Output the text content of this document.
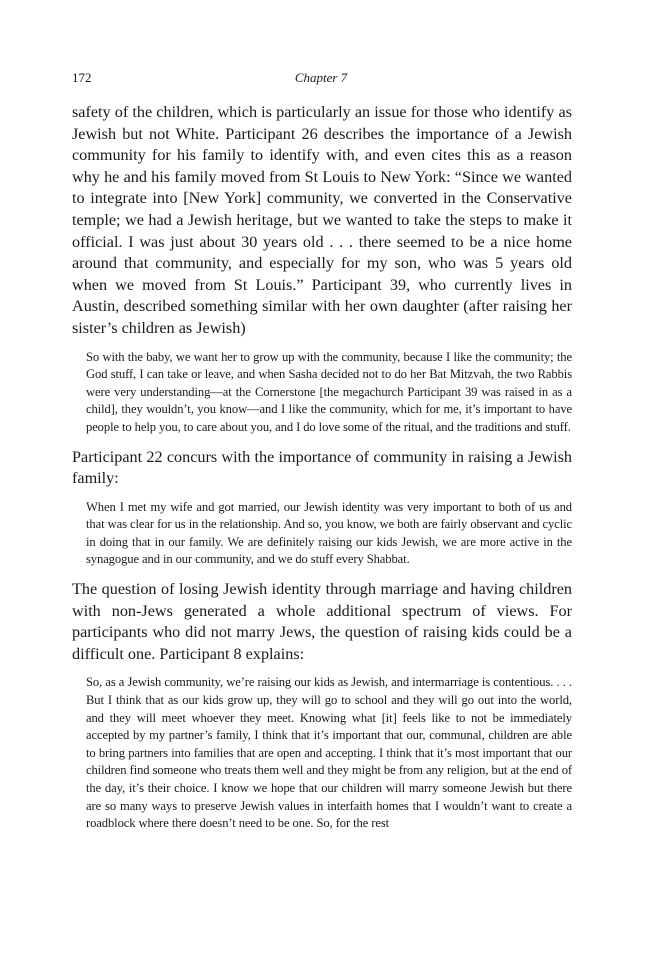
172	Chapter 7

safety of the children, which is particularly an issue for those who identify as Jewish but not White. Participant 26 describes the importance of a Jewish community for his family to identify with, and even cites this as a reason why he and his family moved from St Louis to New York: “Since we wanted to integrate into [New York] community, we converted in the Conservative temple; we had a Jewish heritage, but we wanted to take the steps to make it official. I was just about 30 years old . . . there seemed to be a nice home around that community, and especially for my son, who was 5 years old when we moved from St Louis.” Participant 39, who currently lives in Austin, described something similar with her own daughter (after raising her sister’s children as Jewish)

So with the baby, we want her to grow up with the community, because I like the community; the God stuff, I can take or leave, and when Sasha decided not to do her Bat Mitzvah, the two Rabbis were very understanding—at the Cornerstone [the megachurch Participant 39 was raised in as a child], they wouldn’t, you know—and I like the community, which for me, it’s important to have people to help you, to care about you, and I do love some of the ritual, and the traditions and stuff.

Participant 22 concurs with the importance of community in raising a Jewish family:

When I met my wife and got married, our Jewish identity was very important to both of us and that was clear for us in the relationship. And so, you know, we both are fairly observant and cyclic in doing that in our family. We are definitely raising our kids Jewish, we are more active in the synagogue and in our community, and we do stuff every Shabbat.

The question of losing Jewish identity through marriage and having children with non-Jews generated a whole additional spectrum of views. For participants who did not marry Jews, the question of raising kids could be a difficult one. Participant 8 explains:

So, as a Jewish community, we’re raising our kids as Jewish, and intermarriage is contentious. . . . But I think that as our kids grow up, they will go to school and they will go out into the world, and they will meet whoever they meet. Knowing what [it] feels like to not be immediately accepted by my partner’s family, I think that it’s important that our, communal, children are able to bring partners into families that are open and accepting. I think that it’s most important that our children find someone who treats them well and they might be from any religion, but at the end of the day, it’s their choice. I know we hope that our children will marry someone Jewish but there are so many ways to preserve Jewish values in interfaith homes that I wouldn’t want to create a roadblock where there doesn’t need to be one. So, for the rest
